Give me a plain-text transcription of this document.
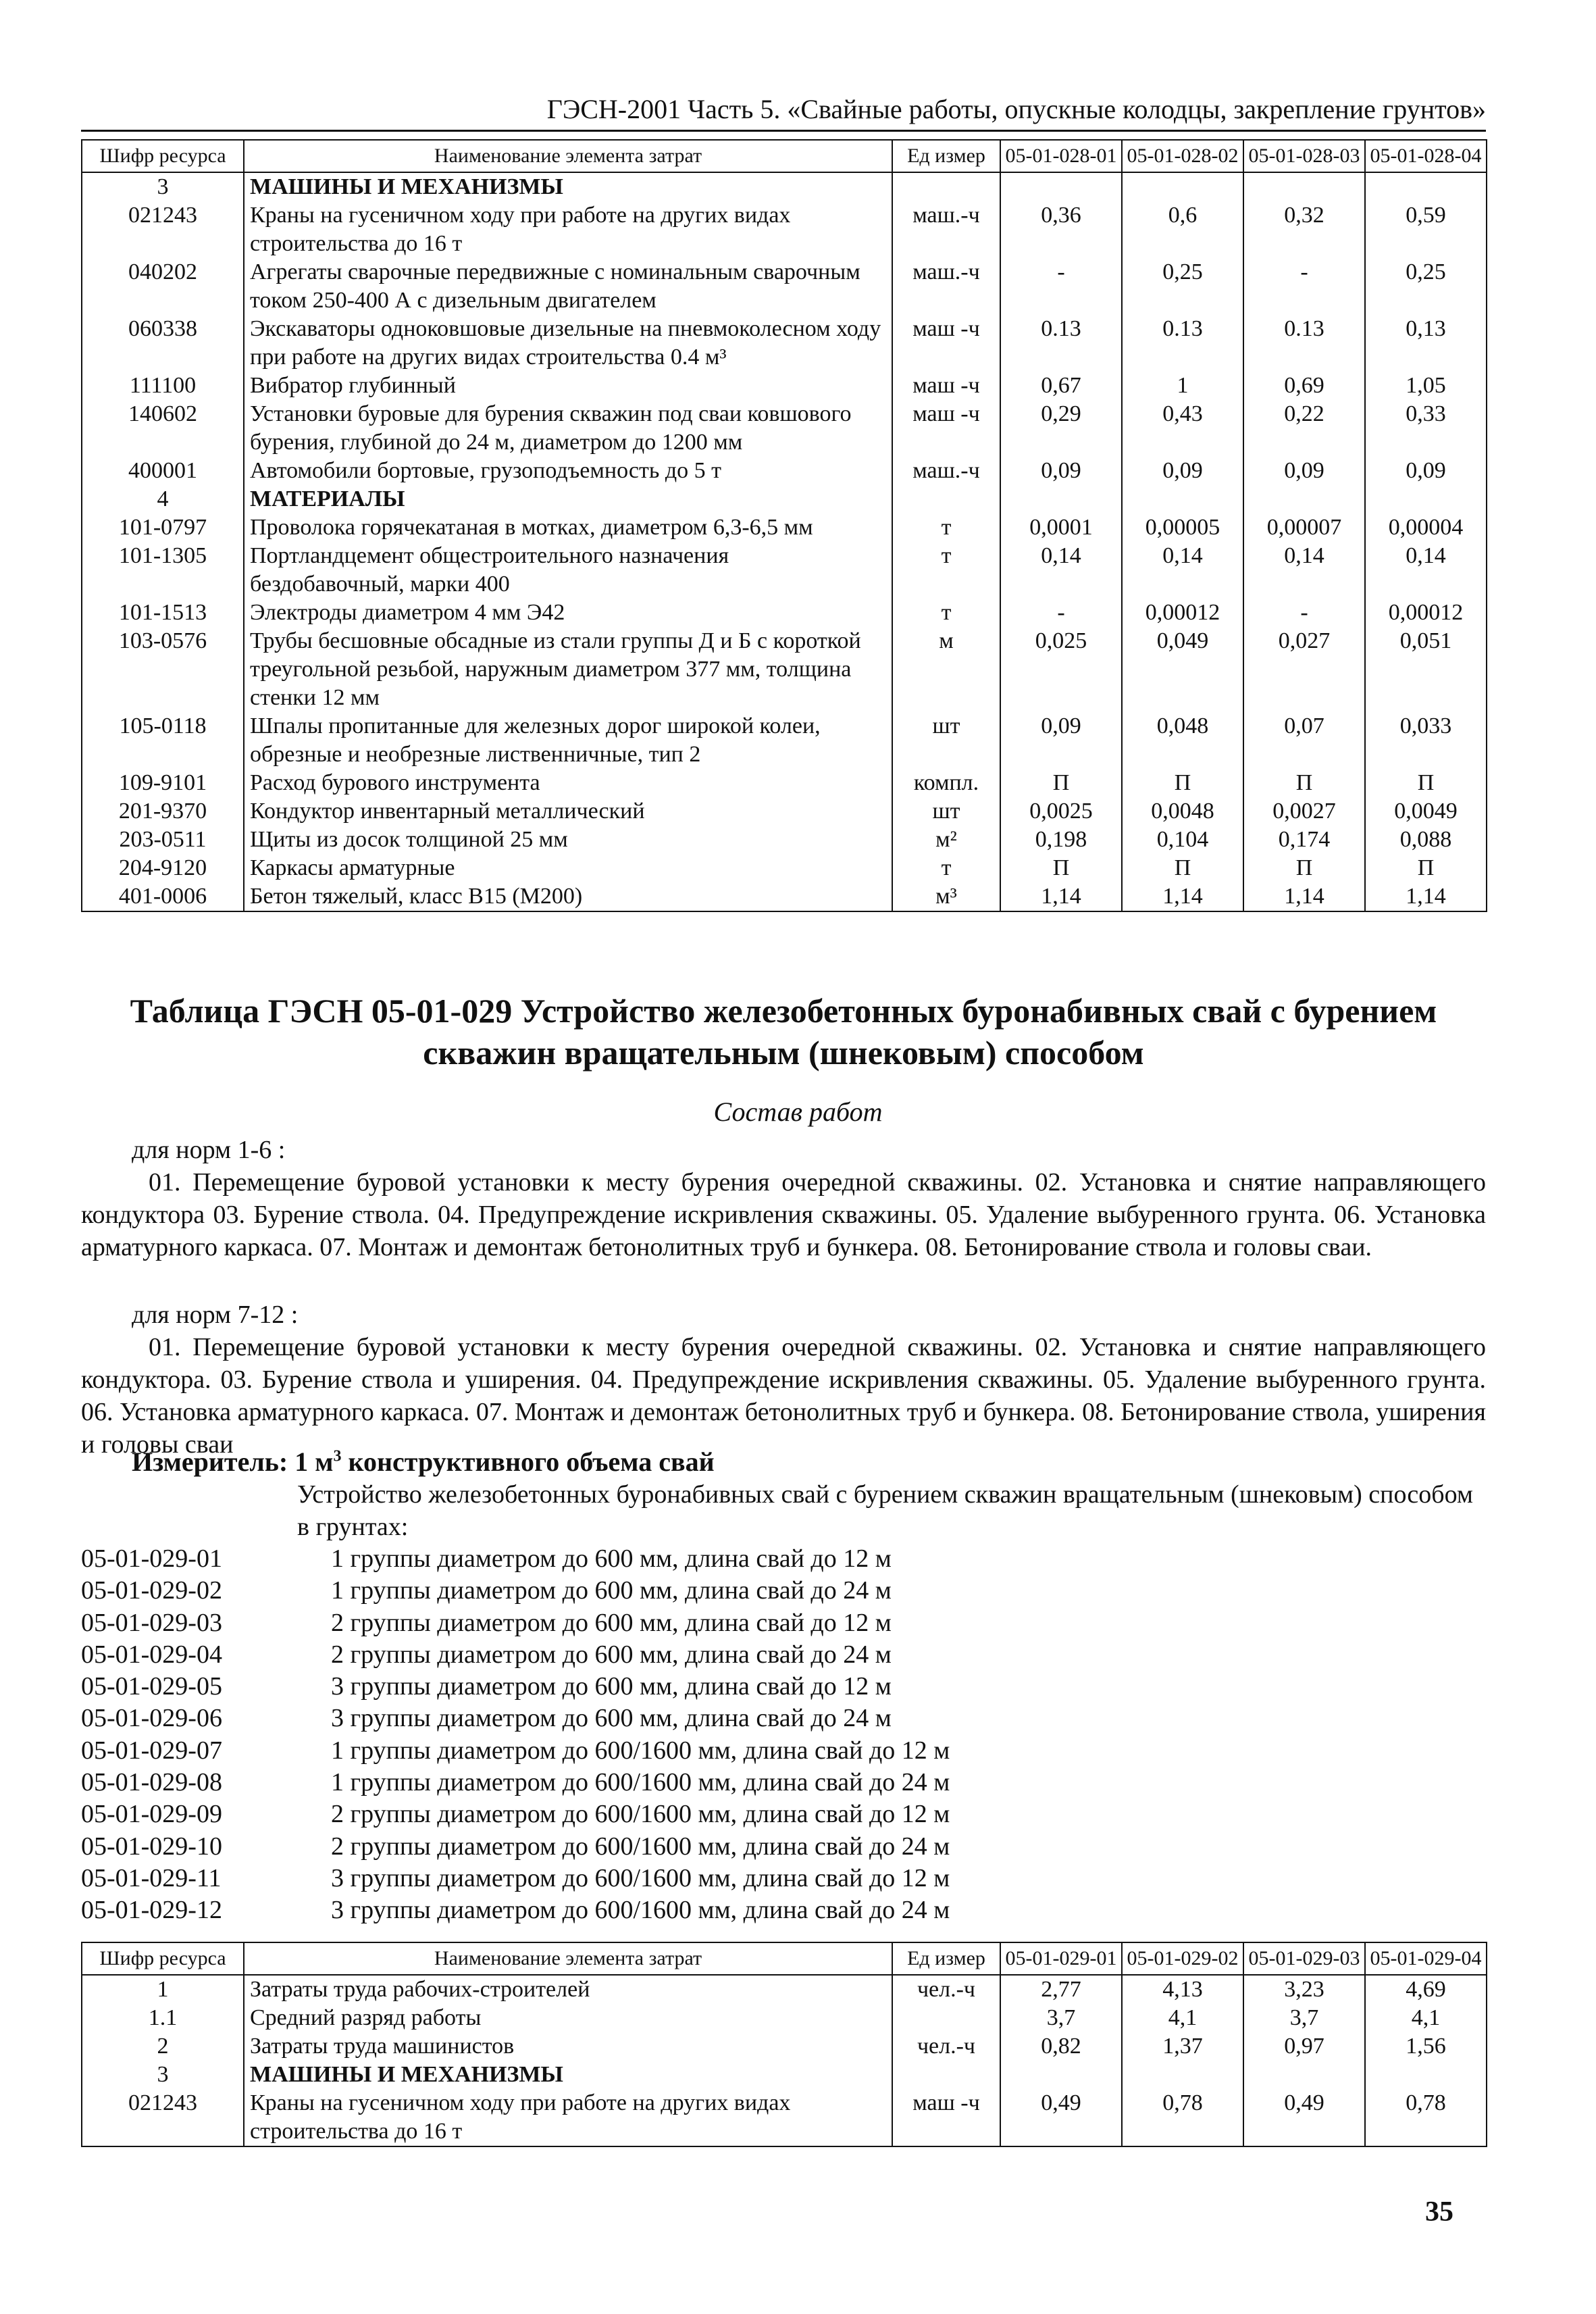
ГЭСН-2001 Часть 5. «Свайные работы, опускные колодцы, закрепление грунтов»
Шифр ресурса	Наименование элемента затрат	Ед измер	05-01-028-01	05-01-028-02	05-01-028-03	05-01-028-04
3	МАШИНЫ И МЕХАНИЗМЫ					
021243	Краны на гусеничном ходу при работе на других видах строительства до 16 т	маш.-ч	0,36	0,6	0,32	0,59
040202	Агрегаты сварочные передвижные с номинальным сварочным током 250-400 А с дизельным двигателем	маш.-ч	-	0,25	-	0,25
060338	Экскаваторы одноковшовые дизельные на пневмоколесном ходу при работе на других видах строительства 0.4 м³	маш -ч	0.13	0.13	0.13	0,13
111100	Вибратор глубинный	маш -ч	0,67	1	0,69	1,05
140602	Установки буровые для бурения скважин под сваи ковшового бурения, глубиной до 24 м, диаметром до 1200 мм	маш -ч	0,29	0,43	0,22	0,33
400001	Автомобили бортовые, грузоподъемность до 5 т	маш.-ч	0,09	0,09	0,09	0,09
4	МАТЕРИАЛЫ					
101-0797	Проволока горячекатаная в мотках, диаметром 6,3-6,5 мм	т	0,0001	0,00005	0,00007	0,00004
101-1305	Портландцемент общестроительного назначения бездобавочный, марки 400	т	0,14	0,14	0,14	0,14
101-1513	Электроды диаметром 4 мм Э42	т	-	0,00012	-	0,00012
103-0576	Трубы бесшовные обсадные из стали группы Д и Б с короткой треугольной резьбой, наружным диаметром 377 мм, толщина стенки 12 мм	м	0,025	0,049	0,027	0,051
105-0118	Шпалы пропитанные для железных дорог широкой колеи, обрезные и необрезные лиственничные, тип 2	шт	0,09	0,048	0,07	0,033
109-9101	Расход бурового инструмента	компл.	П	П	П	П
201-9370	Кондуктор инвентарный металлический	шт	0,0025	0,0048	0,0027	0,0049
203-0511	Щиты из досок толщиной 25 мм	м²	0,198	0,104	0,174	0,088
204-9120	Каркасы арматурные	т	П	П	П	П
401-0006	Бетон тяжелый, класс В15 (М200)	м³	1,14	1,14	1,14	1,14
Таблица ГЭСН 05-01-029 Устройство железобетонных буронабивных свай с бурением
скважин вращательным (шнековым) способом
Состав работ
для норм 1-6 :
01. Перемещение буровой установки к месту бурения очередной скважины. 02. Установка и снятие направляющего кондуктора 03. Бурение ствола. 04. Предупреждение искривления скважины. 05. Удаление выбуренного грунта. 06. Установка арматурного каркаса. 07. Монтаж и демонтаж бетонолитных труб и бункера. 08. Бетонирование ствола и головы сваи.
для норм 7-12 :
01. Перемещение буровой установки к месту бурения очередной скважины. 02. Установка и снятие направляющего кондуктора. 03. Бурение ствола и уширения. 04. Предупреждение искривления скважины. 05. Удаление выбуренного грунта. 06. Установка арматурного каркаса. 07. Монтаж и демонтаж бетонолитных труб и бункера. 08. Бетонирование ствола, уширения и головы сваи
Измеритель: 1 $м^3$ конструктивного объема свай
Устройство железобетонных буронабивных свай с бурением скважин вращательным (шнековым) способом в грунтах:
05-01-029-01	1 группы диаметром до 600 мм, длина свай до 12 м
05-01-029-02	1 группы диаметром до 600 мм, длина свай до 24 м
05-01-029-03	2 группы диаметром до 600 мм, длина свай до 12 м
05-01-029-04	2 группы диаметром до 600 мм, длина свай до 24 м
05-01-029-05	3 группы диаметром до 600 мм, длина свай до 12 м
05-01-029-06	3 группы диаметром до 600 мм, длина свай до 24 м
05-01-029-07	1 группы диаметром до 600/1600 мм, длина свай до 12 м
05-01-029-08	1 группы диаметром до 600/1600 мм, длина свай до 24 м
05-01-029-09	2 группы диаметром до 600/1600 мм, длина свай до 12 м
05-01-029-10	2 группы диаметром до 600/1600 мм, длина свай до 24 м
05-01-029-11	3 группы диаметром до 600/1600 мм, длина свай до 12 м
05-01-029-12	3 группы диаметром до 600/1600 мм, длина свай до 24 м
Шифр ресурса	Наименование элемента затрат	Ед измер	05-01-029-01	05-01-029-02	05-01-029-03	05-01-029-04
1	Затраты труда рабочих-строителей	чел.-ч	2,77	4,13	3,23	4,69
1.1	Средний разряд работы		3,7	4,1	3,7	4,1
2	Затраты труда машинистов	чел.-ч	0,82	1,37	0,97	1,56
3	МАШИНЫ И МЕХАНИЗМЫ					
021243	Краны на гусеничном ходу при работе на других видах строительства до 16 т	маш -ч	0,49	0,78	0,49	0,78
35
